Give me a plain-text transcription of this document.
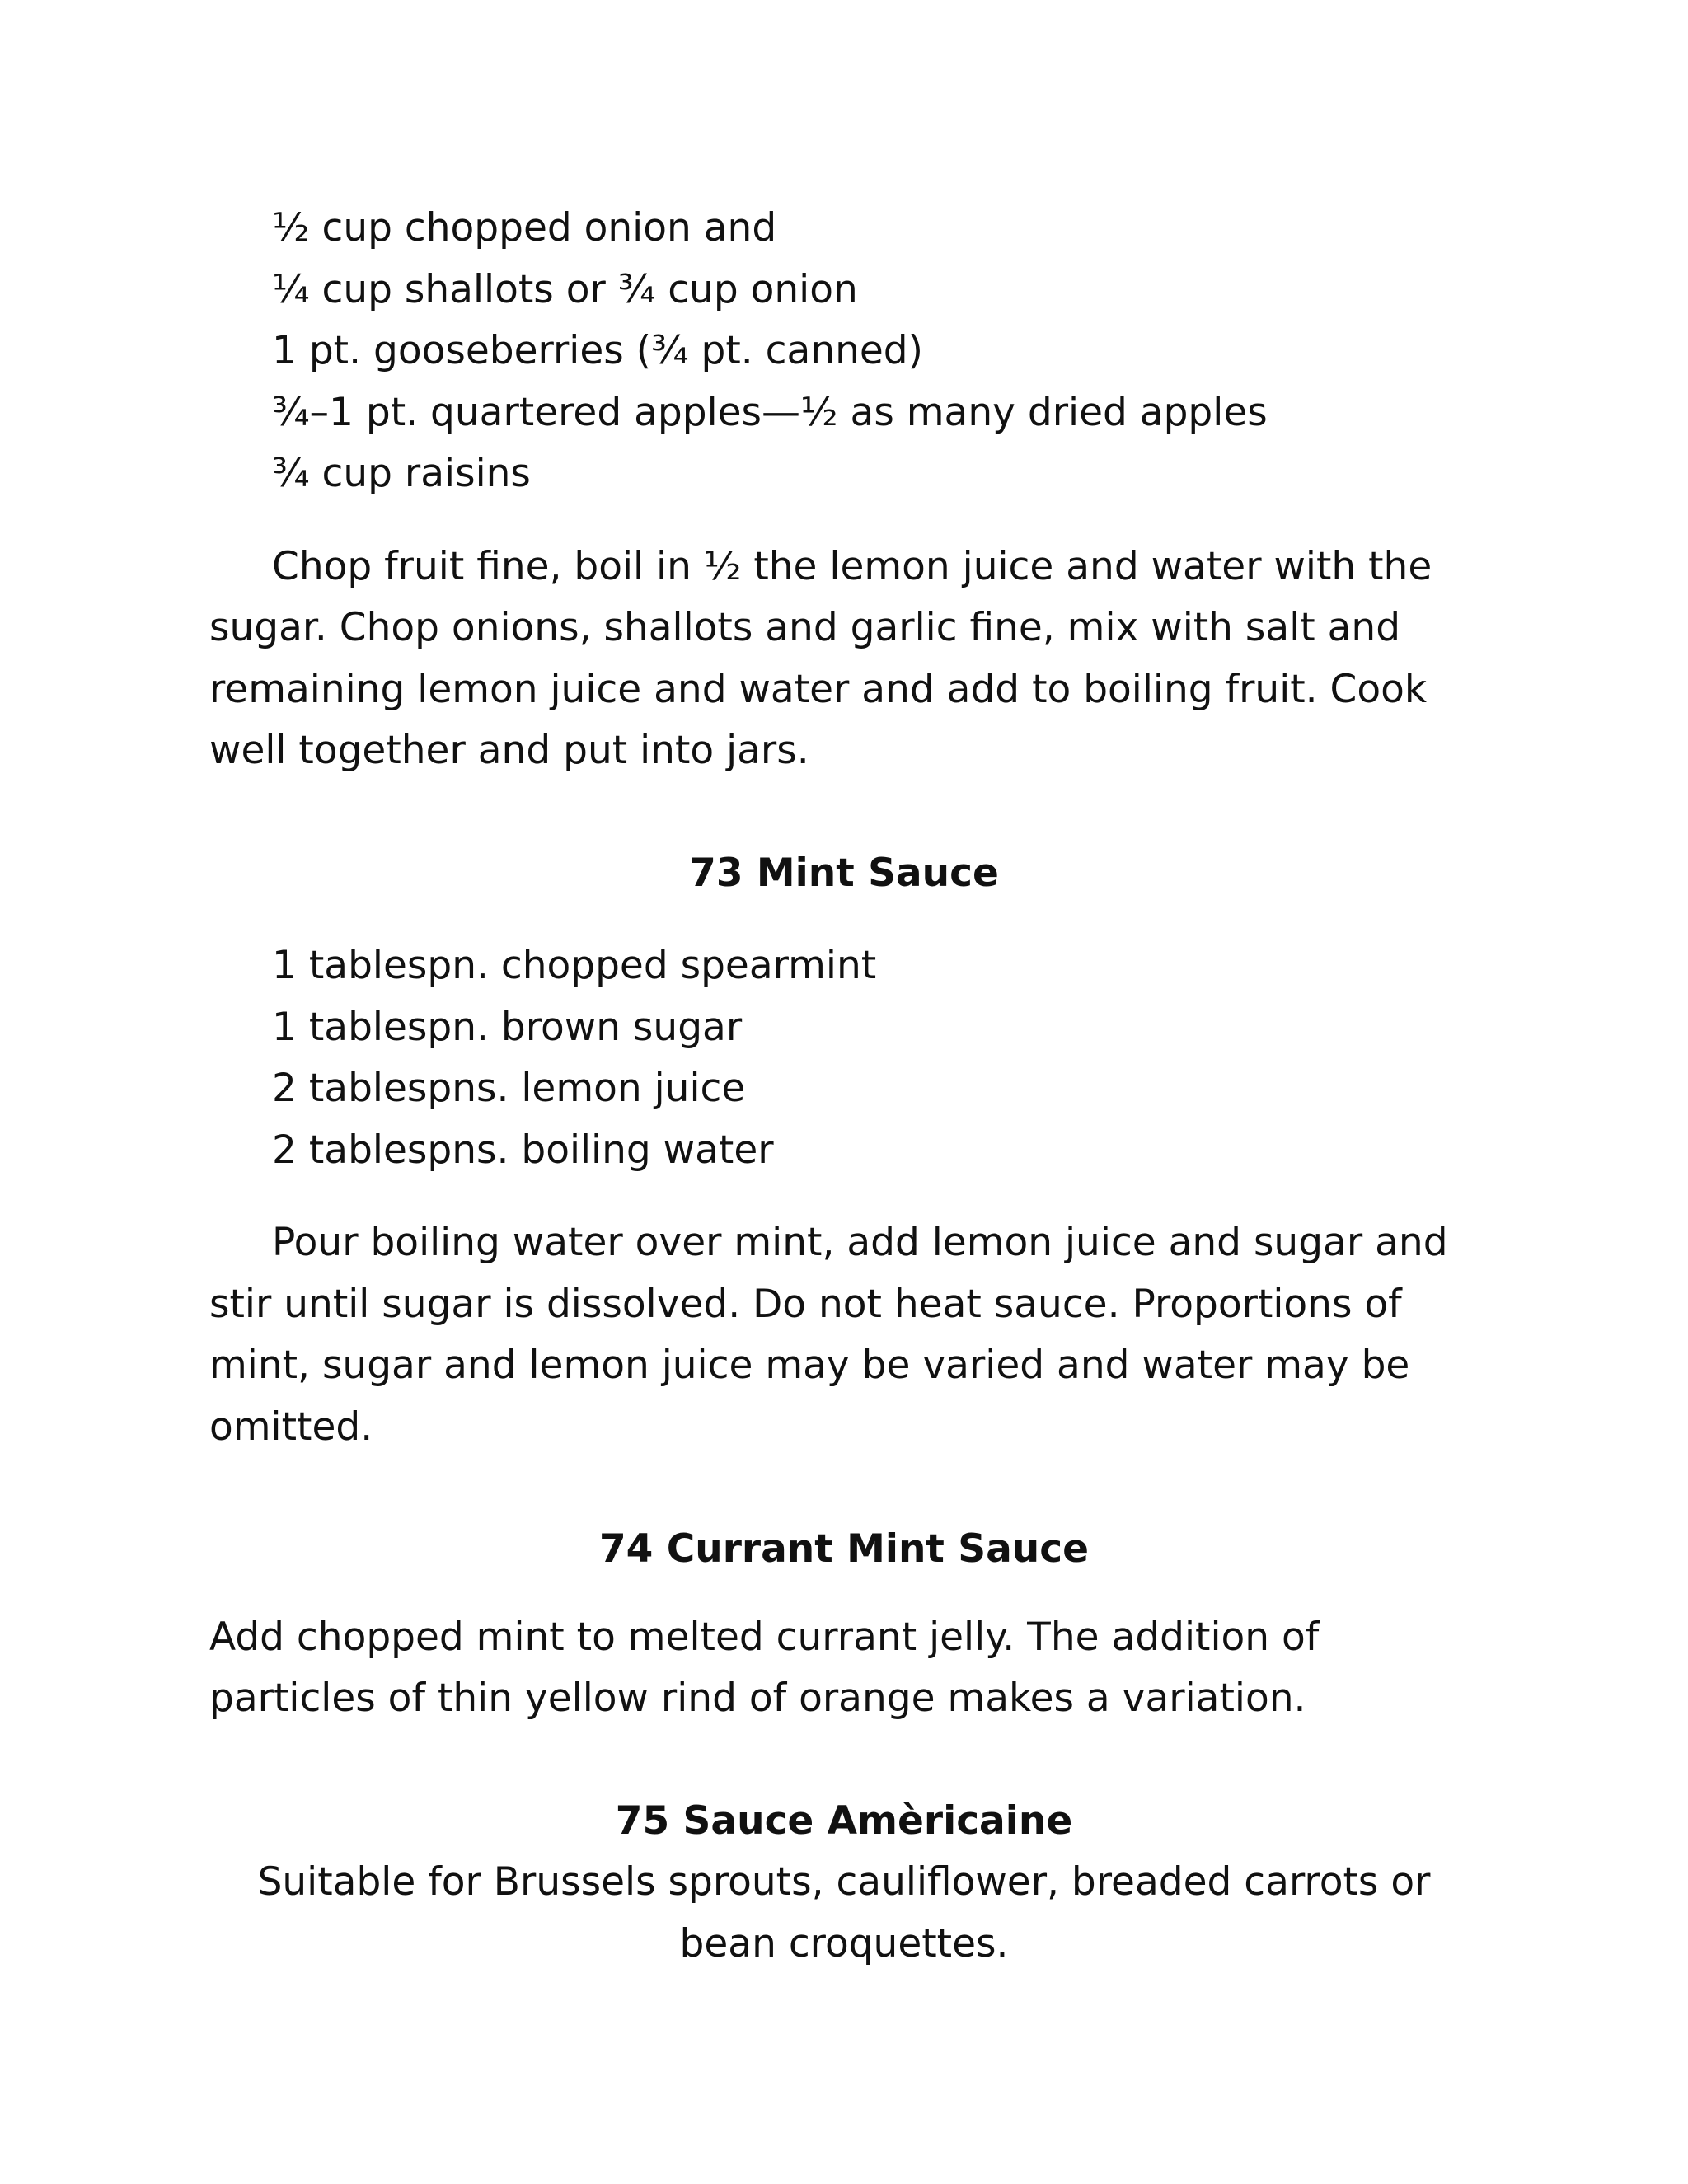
½ cup chopped onion and
¼ cup shallots or ¾ cup onion
1 pt. gooseberries (¾ pt. canned)
¾–1 pt. quartered apples—½ as many dried apples
¾ cup raisins

Chop fruit fine, boil in ½ the lemon juice and water with the sugar. Chop onions, shallots and garlic fine, mix with salt and remaining lemon juice and water and add to boiling fruit. Cook well together and put into jars.

73 Mint Sauce
1 tablespn. chopped spearmint
1 tablespn. brown sugar
2 tablespns. lemon juice
2 tablespns. boiling water

Pour boiling water over mint, add lemon juice and sugar and stir until sugar is dissolved. Do not heat sauce. Proportions of mint, sugar and lemon juice may be varied and water may be omitted.

74 Currant Mint Sauce

Add chopped mint to melted currant jelly. The addition of particles of thin yellow rind of orange makes a variation.

75 Sauce Amèricaine

Suitable for Brussels sprouts, cauliflower, breaded carrots or bean croquettes.
